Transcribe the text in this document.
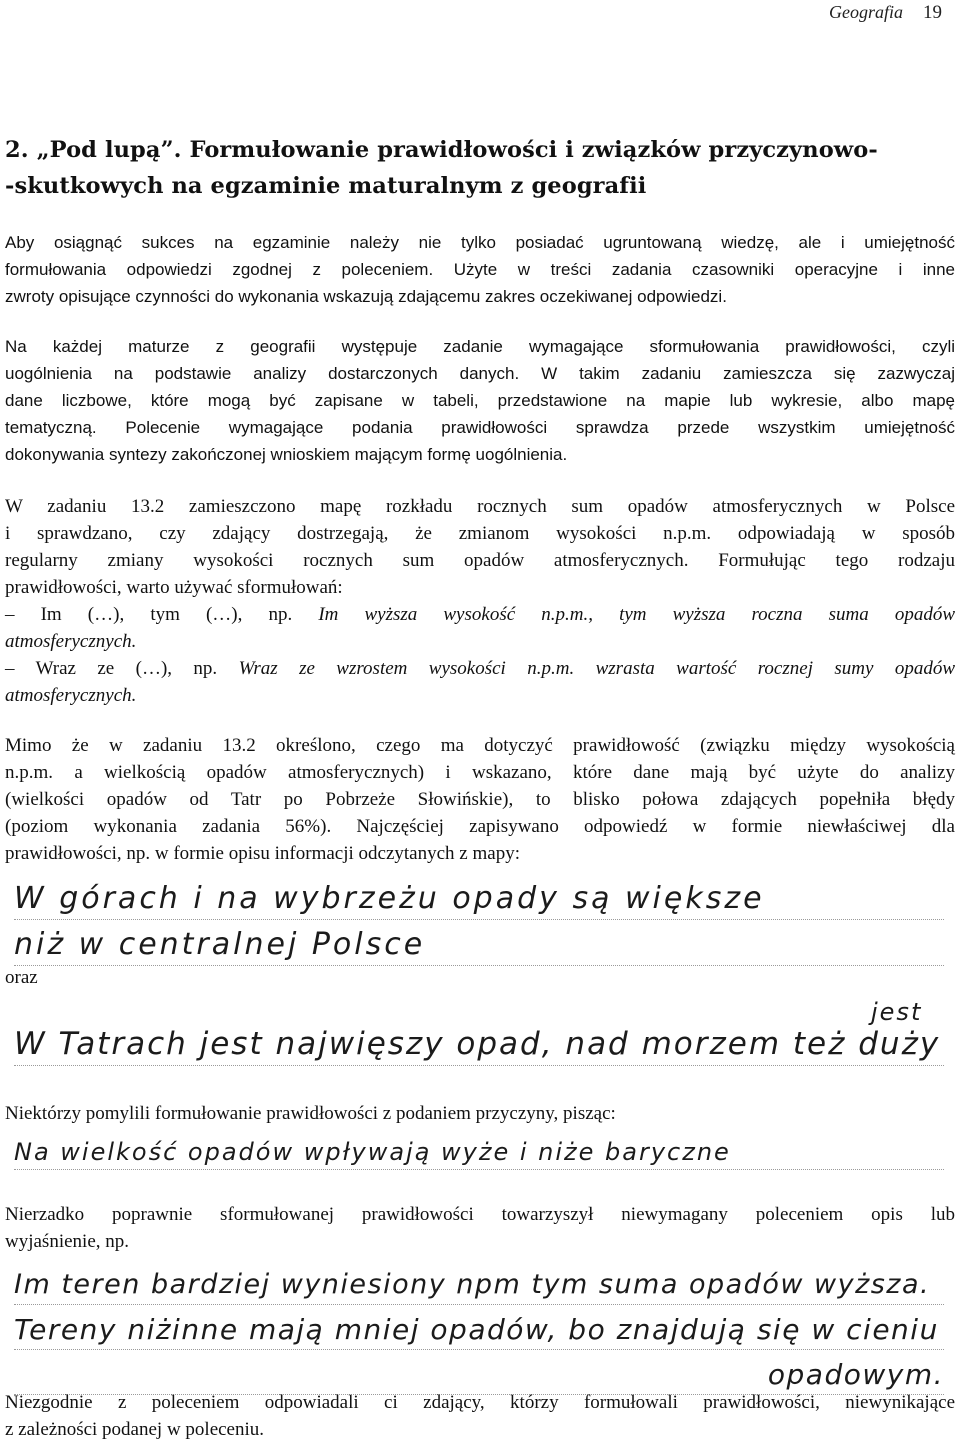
Geografia 19
2. „Pod lupą”. Formułowanie prawidłowości i związków przyczynowo-
-skutkowych na egzaminie maturalnym z geografii
Aby osiągnąć sukces na egzaminie należy nie tylko posiadać ugruntowaną wiedzę, ale i umiejętność
formułowania odpowiedzi zgodnej z poleceniem. Użyte w treści zadania czasowniki operacyjne i inne
zwroty opisujące czynności do wykonania wskazują zdającemu zakres oczekiwanej odpowiedzi.
Na każdej maturze z geografii występuje zadanie wymagające sformułowania prawidłowości, czyli
uogólnienia na podstawie analizy dostarczonych danych. W takim zadaniu zamieszcza się zazwyczaj
dane liczbowe, które mogą być zapisane w tabeli, przedstawione na mapie lub wykresie, albo mapę
tematyczną. Polecenie wymagające podania prawidłowości sprawdza przede wszystkim umiejętność
dokonywania syntezy zakończonej wnioskiem mającym formę uogólnienia.
W zadaniu 13.2 zamieszczono mapę rozkładu rocznych sum opadów atmosferycznych w Polsce
i sprawdzano, czy zdający dostrzegają, że zmianom wysokości n.p.m. odpowiadają w sposób
regularny zmiany wysokości rocznych sum opadów atmosferycznych. Formułując tego rodzaju
prawidłowości, warto używać sformułowań:
– Im (…), tym (…), np. Im wyższa wysokość n.p.m., tym wyższa roczna suma opadów
atmosferycznych.
– Wraz ze (…), np. Wraz ze wzrostem wysokości n.p.m. wzrasta wartość rocznej sumy opadów
atmosferycznych.
Mimo że w zadaniu 13.2 określono, czego ma dotyczyć prawidłowość (związku między wysokością
n.p.m. a wielkością opadów atmosferycznych) i wskazano, które dane mają być użyte do analizy
(wielkości opadów od Tatr po Pobrzeże Słowińskie), to blisko połowa zdających popełniła błędy
(poziom wykonania zadania 56%). Najczęściej zapisywano odpowiedź w formie niewłaściwej dla
prawidłowości, np. w formie opisu informacji odczytanych z mapy:
W górach i na wybrzeżu opady są większe
niż w centralnej Polsce
oraz
jest
W Tatrach jest najwięszy opad, nad morzem też duży
Niektórzy pomylili formułowanie prawidłowości z podaniem przyczyny, pisząc:
Na wielkość opadów wpływają wyże i niże baryczne
Nierzadko poprawnie sformułowanej prawidłowości towarzyszył niewymagany poleceniem opis lub
wyjaśnienie, np.
Im teren bardziej wyniesiony npm tym suma opadów wyższa.
Tereny niżinne mają mniej opadów, bo znajdują się w cieniu
opadowym.
Niezgodnie z poleceniem odpowiadali ci zdający, którzy formułowali prawidłowości, niewynikające
z zależności podanej w poleceniu.
